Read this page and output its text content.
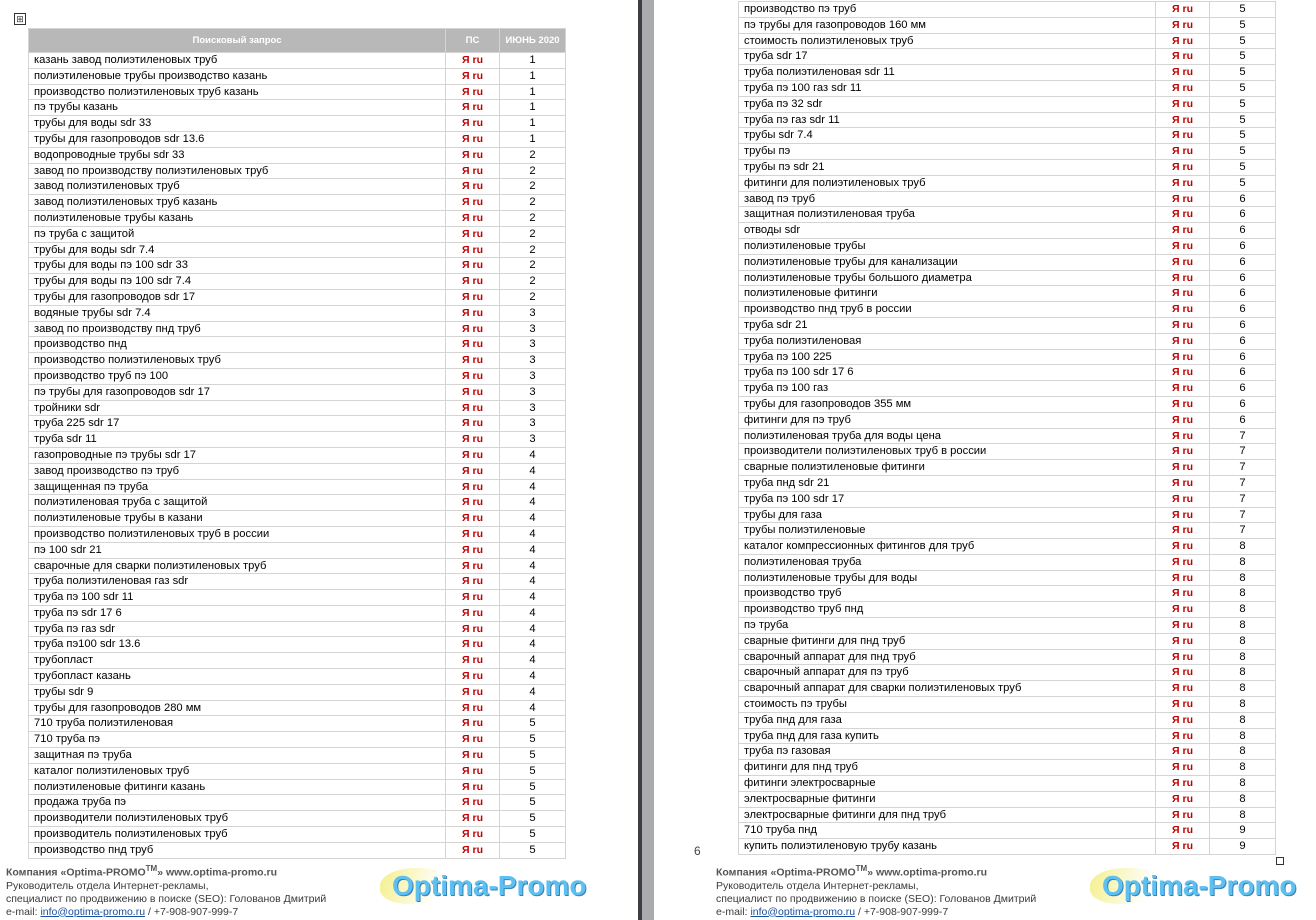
⊞
Поисковый запрос	ПС	ИЮНЬ 2020
казань завод полиэтиленовых труб	Я ru	1
полиэтиленовые трубы производство казань	Я ru	1
производство полиэтиленовых труб казань	Я ru	1
пэ трубы казань	Я ru	1
трубы для воды sdr 33	Я ru	1
трубы для газопроводов sdr 13.6	Я ru	1
водопроводные трубы sdr 33	Я ru	2
завод по производству полиэтиленовых труб	Я ru	2
завод полиэтиленовых труб	Я ru	2
завод полиэтиленовых труб казань	Я ru	2
полиэтиленовые трубы казань	Я ru	2
пэ труба с защитой	Я ru	2
трубы для воды sdr 7.4	Я ru	2
трубы для воды пэ 100 sdr 33	Я ru	2
трубы для воды пэ 100 sdr 7.4	Я ru	2
трубы для газопроводов sdr 17	Я ru	2
водяные трубы sdr 7.4	Я ru	3
завод по производству пнд труб	Я ru	3
производство пнд	Я ru	3
производство полиэтиленовых труб	Я ru	3
производство труб пэ 100	Я ru	3
пэ трубы для газопроводов sdr 17	Я ru	3
тройники sdr	Я ru	3
труба 225 sdr 17	Я ru	3
труба sdr 11	Я ru	3
газопроводные пэ трубы sdr 17	Я ru	4
завод производство пэ труб	Я ru	4
защищенная пэ труба	Я ru	4
полиэтиленовая труба с защитой	Я ru	4
полиэтиленовые трубы в казани	Я ru	4
производство полиэтиленовых труб в россии	Я ru	4
пэ 100 sdr 21	Я ru	4
сварочные для сварки полиэтиленовых труб	Я ru	4
труба полиэтиленовая газ sdr	Я ru	4
труба пэ 100 sdr 11	Я ru	4
труба пэ sdr 17 6	Я ru	4
труба пэ газ sdr	Я ru	4
труба пэ100 sdr 13.6	Я ru	4
трубопласт	Я ru	4
трубопласт казань	Я ru	4
трубы sdr 9	Я ru	4
трубы для газопроводов 280 мм	Я ru	4
710 труба полиэтиленовая	Я ru	5
710 труба пэ	Я ru	5
защитная пэ труба	Я ru	5
каталог полиэтиленовых труб	Я ru	5
полиэтиленовые фитинги казань	Я ru	5
продажа труба пэ	Я ru	5
производители полиэтиленовых труб	Я ru	5
производитель полиэтиленовых труб	Я ru	5
производство пнд труб	Я ru	5
Компания «Optima-PROMO™» www.optima-promo.ru
Руководитель отдела Интернет-рекламы,
специалист по продвижению в поиске (SEO): Голованов Дмитрий
e-mail: info@optima-promo.ru / +7-908-907-999-7
Optima-Promo
производство пэ труб	Я ru	5
пэ трубы для газопроводов 160 мм	Я ru	5
стоимость полиэтиленовых труб	Я ru	5
труба sdr 17	Я ru	5
труба полиэтиленовая sdr 11	Я ru	5
труба пэ 100 газ sdr 11	Я ru	5
труба пэ 32 sdr	Я ru	5
труба пэ газ sdr 11	Я ru	5
трубы sdr 7.4	Я ru	5
трубы пэ	Я ru	5
трубы пэ sdr 21	Я ru	5
фитинги для полиэтиленовых труб	Я ru	5
завод пэ труб	Я ru	6
защитная полиэтиленовая труба	Я ru	6
отводы sdr	Я ru	6
полиэтиленовые трубы	Я ru	6
полиэтиленовые трубы для канализации	Я ru	6
полиэтиленовые трубы большого диаметра	Я ru	6
полиэтиленовые фитинги	Я ru	6
производство пнд труб в россии	Я ru	6
труба sdr 21	Я ru	6
труба полиэтиленовая	Я ru	6
труба пэ 100 225	Я ru	6
труба пэ 100 sdr 17 6	Я ru	6
труба пэ 100 газ	Я ru	6
трубы для газопроводов 355 мм	Я ru	6
фитинги для пэ труб	Я ru	6
полиэтиленовая труба для воды цена	Я ru	7
производители полиэтиленовых труб в россии	Я ru	7
сварные полиэтиленовые фитинги	Я ru	7
труба пнд sdr 21	Я ru	7
труба пэ 100 sdr 17	Я ru	7
трубы для газа	Я ru	7
трубы полиэтиленовые	Я ru	7
каталог компрессионных фитингов для труб	Я ru	8
полиэтиленовая труба	Я ru	8
полиэтиленовые трубы для воды	Я ru	8
производство труб	Я ru	8
производство труб пнд	Я ru	8
пэ труба	Я ru	8
сварные фитинги для пнд труб	Я ru	8
сварочный аппарат для пнд труб	Я ru	8
сварочный аппарат для пэ труб	Я ru	8
сварочный аппарат для сварки полиэтиленовых труб	Я ru	8
стоимость пэ трубы	Я ru	8
труба пнд для газа	Я ru	8
труба пнд для газа купить	Я ru	8
труба пэ газовая	Я ru	8
фитинги для пнд труб	Я ru	8
фитинги электросварные	Я ru	8
электросварные фитинги	Я ru	8
электросварные фитинги для пнд труб	Я ru	8
710 труба пнд	Я ru	9
купить полиэтиленовую трубу казань	Я ru	9
Компания «Optima-PROMO™» www.optima-promo.ru
Руководитель отдела Интернет-рекламы,
специалист по продвижению в поиске (SEO): Голованов Дмитрий
e-mail: info@optima-promo.ru / +7-908-907-999-7
Optima-Promo
6
